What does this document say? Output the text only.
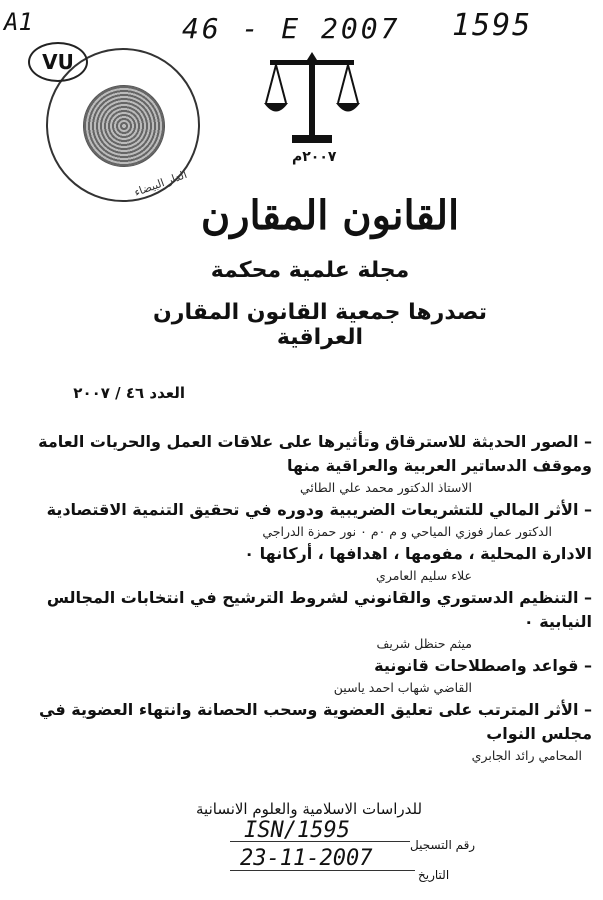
A1	46 - E 2007 1595
الدار البيضاء
VU
٢٠٠٧م
القانون المقارن
مجلة علمية محكمة
تصدرها جمعية القانون المقارن العراقية
العدد ٤٦ / ٢٠٠٧
– الصور الحديثة للاسترقاق وتأثيرها على علاقات العمل والحريات العامة وموقف الدساتير العربية والعراقية منها
الاستاذ الدكتور محمد علي الطائي
– الأثر المالي للتشريعات الضريبية ودوره في تحقيق التنمية الاقتصادية
الدكتور عمار فوزي المياحي و م ٠م ٠ نور حمزة الدراجي
الادارة المحلية ، مفومها ، اهدافها ، أركانها ٠
علاء سليم العامري
– التنظيم الدستوري والقانوني لشروط الترشيح في انتخابات المجالس النيابية ٠
ميثم حنظل شريف
– قواعد واصطلاحات قانونية
القاضي شهاب احمد ياسين
– الأثر المترتب على تعليق العضوية وسحب الحصانة وانتهاء العضوية في مجلس النواب
المحامي رائد الجابري
للدراسات الاسلامية والعلوم الانسانية
ISN/1595
رقم التسجيل
23-11-2007
التاريخ
